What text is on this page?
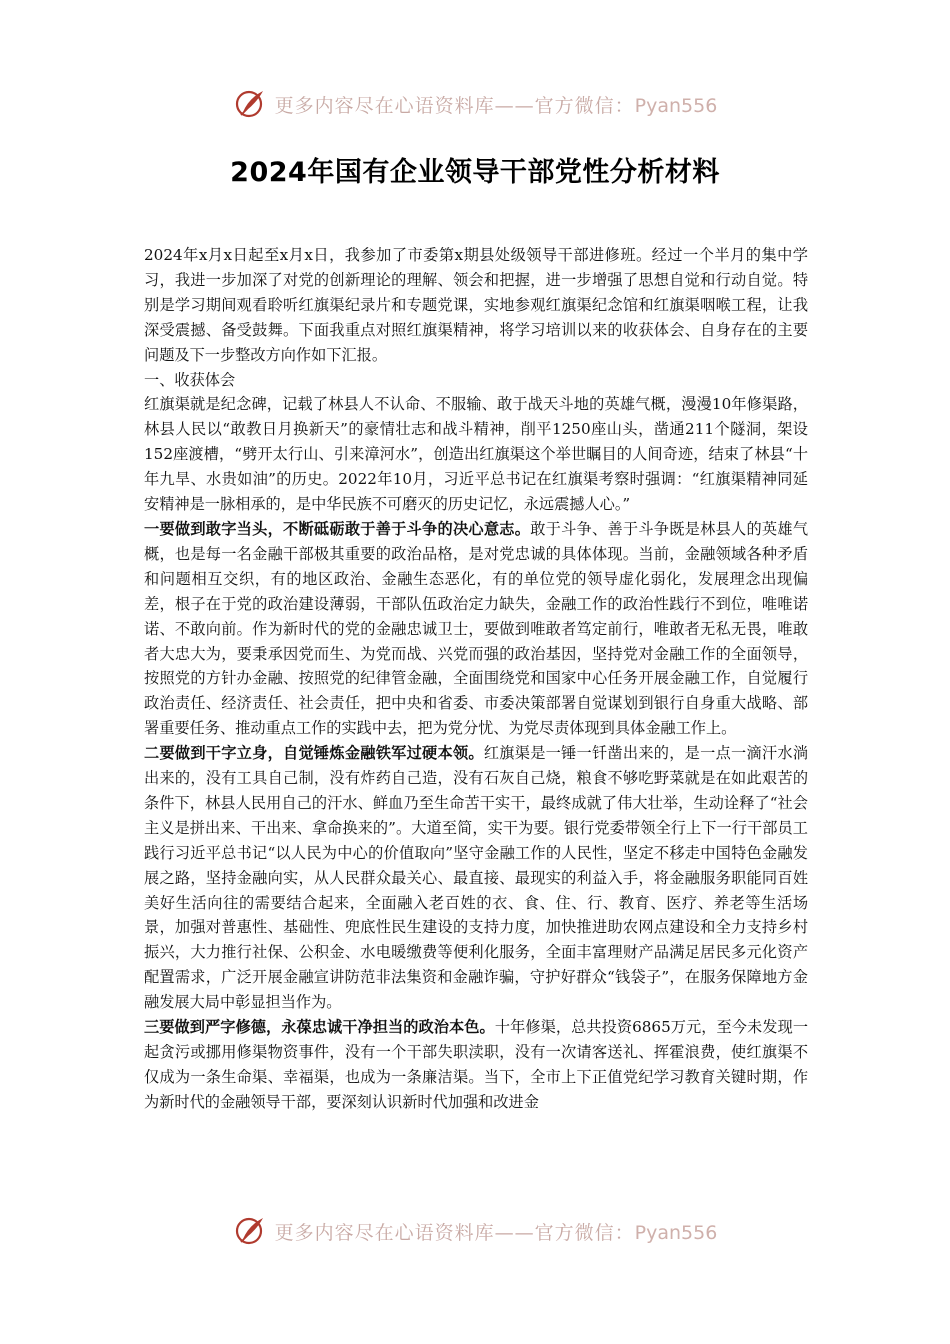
更多内容尽在心语资料库——官方微信：Pyan556
2024年国有企业领导干部党性分析材料

2024年x月x日起至x月x日，我参加了市委第x期县处级领导干部进修班。经过一个半月的集中学习，我进一步加深了对党的创新理论的理解、领会和把握，进一步增强了思想自觉和行动自觉。特别是学习期间观看聆听红旗渠纪录片和专题党课，实地参观红旗渠纪念馆和红旗渠咽喉工程，让我深受震撼、备受鼓舞。下面我重点对照红旗渠精神，将学习培训以来的收获体会、自身存在的主要问题及下一步整改方向作如下汇报。

一、收获体会

红旗渠就是纪念碑，记载了林县人不认命、不服输、敢于战天斗地的英雄气概，漫漫10年修渠路，林县人民以“敢教日月换新天”的豪情壮志和战斗精神，削平1250座山头，凿通211个隧洞，架设152座渡槽，“劈开太行山、引来漳河水”，创造出红旗渠这个举世瞩目的人间奇迹，结束了林县“十年九旱、水贵如油”的历史。2022年10月，习近平总书记在红旗渠考察时强调：“红旗渠精神同延安精神是一脉相承的，是中华民族不可磨灭的历史记忆，永远震撼人心。”

一要做到敢字当头，不断砥砺敢于善于斗争的决心意志。敢于斗争、善于斗争既是林县人的英雄气概，也是每一名金融干部极其重要的政治品格，是对党忠诚的具体体现。当前，金融领域各种矛盾和问题相互交织，有的地区政治、金融生态恶化，有的单位党的领导虚化弱化，发展理念出现偏差，根子在于党的政治建设薄弱，干部队伍政治定力缺失，金融工作的政治性践行不到位，唯唯诺诺、不敢向前。作为新时代的党的金融忠诚卫士，要做到唯敢者笃定前行，唯敢者无私无畏，唯敢者大忠大为，要秉承因党而生、为党而战、兴党而强的政治基因，坚持党对金融工作的全面领导，按照党的方针办金融、按照党的纪律管金融，全面围绕党和国家中心任务开展金融工作，自觉履行政治责任、经济责任、社会责任，把中央和省委、市委决策部署自觉谋划到银行自身重大战略、部署重要任务、推动重点工作的实践中去，把为党分忧、为党尽责体现到具体金融工作上。

二要做到干字立身，自觉锤炼金融铁军过硬本领。红旗渠是一锤一钎凿出来的，是一点一滴汗水淌出来的，没有工具自己制，没有炸药自己造，没有石灰自己烧，粮食不够吃野菜就是在如此艰苦的条件下，林县人民用自己的汗水、鲜血乃至生命苦干实干，最终成就了伟大壮举，生动诠释了“社会主义是拼出来、干出来、拿命换来的”。大道至简，实干为要。银行党委带领全行上下一行干部员工践行习近平总书记“以人民为中心的价值取向”坚守金融工作的人民性，坚定不移走中国特色金融发展之路，坚持金融向实，从人民群众最关心、最直接、最现实的利益入手，将金融服务职能同百姓美好生活向往的需要结合起来，全面融入老百姓的衣、食、住、行、教育、医疗、养老等生活场景，加强对普惠性、基础性、兜底性民生建设的支持力度，加快推进助农网点建设和全力支持乡村振兴，大力推行社保、公积金、水电暖缴费等便利化服务，全面丰富理财产品满足居民多元化资产配置需求，广泛开展金融宣讲防范非法集资和金融诈骗，守护好群众“钱袋子”，在服务保障地方金融发展大局中彰显担当作为。

三要做到严字修德，永葆忠诚干净担当的政治本色。十年修渠，总共投资6865万元，至今未发现一起贪污或挪用修渠物资事件，没有一个干部失职渎职，没有一次请客送礼、挥霍浪费，使红旗渠不仅成为一条生命渠、幸福渠，也成为一条廉洁渠。当下，全市上下正值党纪学习教育关键时期，作为新时代的金融领导干部，要深刻认识新时代加强和改进金

更多内容尽在心语资料库——官方微信：Pyan556
